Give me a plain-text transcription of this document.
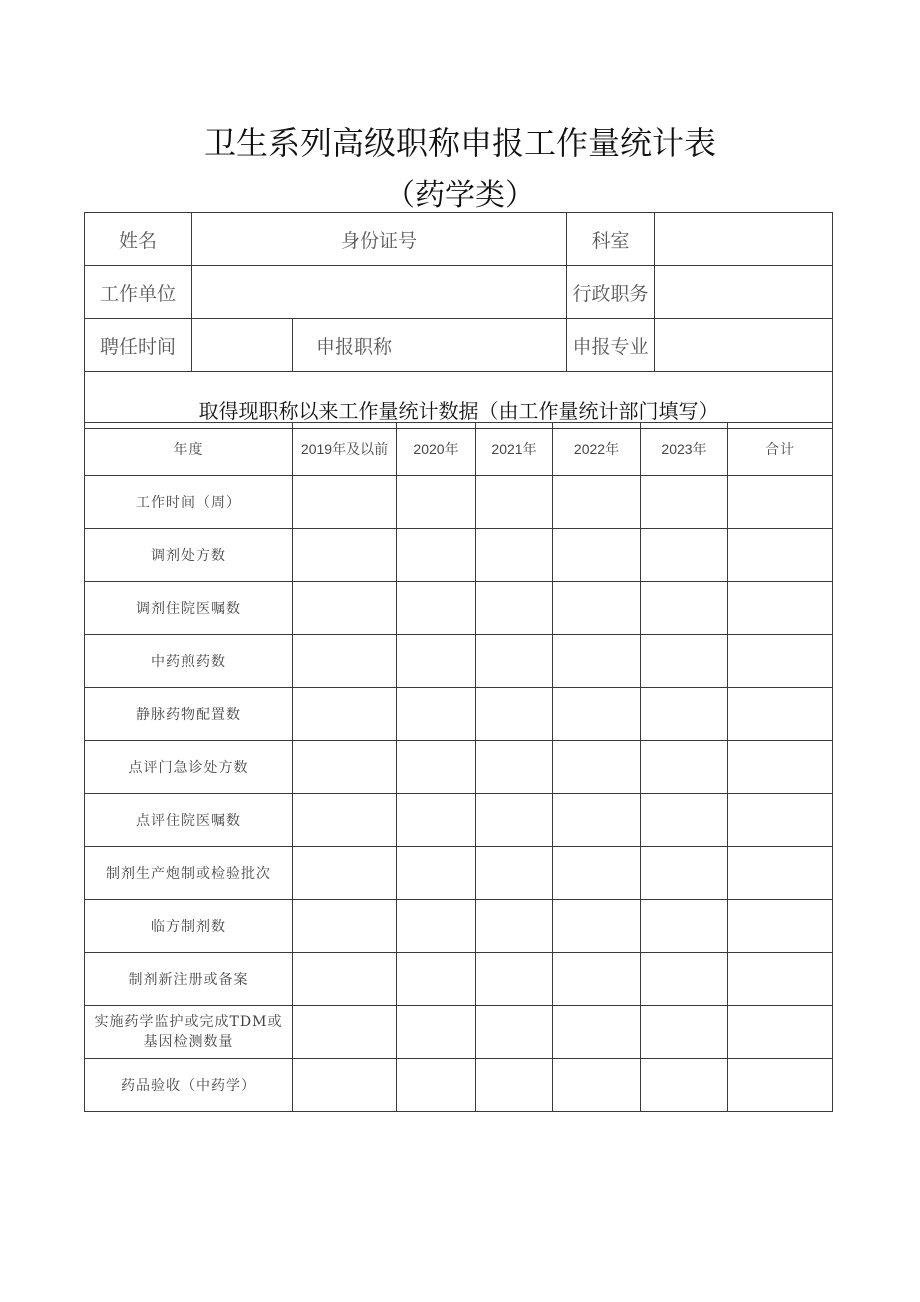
卫生系列高级职称申报工作量统计表
（药学类）
姓名	身份证号		科室	
工作单位			行政职务	
聘任时间		申报职称	申报专业	
取得现职称以来工作量统计数据（由工作量统计部门填写）				
年度	2019年及以前	2020年	2021年	2022年	2023年	合计
工作时间（周）						
调剂处方数						
调剂住院医嘱数						
中药煎药数						
静脉药物配置数						
点评门急诊处方数						
点评住院医嘱数						
制剂生产炮制或检验批次						
临方制剂数						
制剂新注册或备案						
实施药学监护或完成TDM或基因检测数量						
药品验收（中药学）						
